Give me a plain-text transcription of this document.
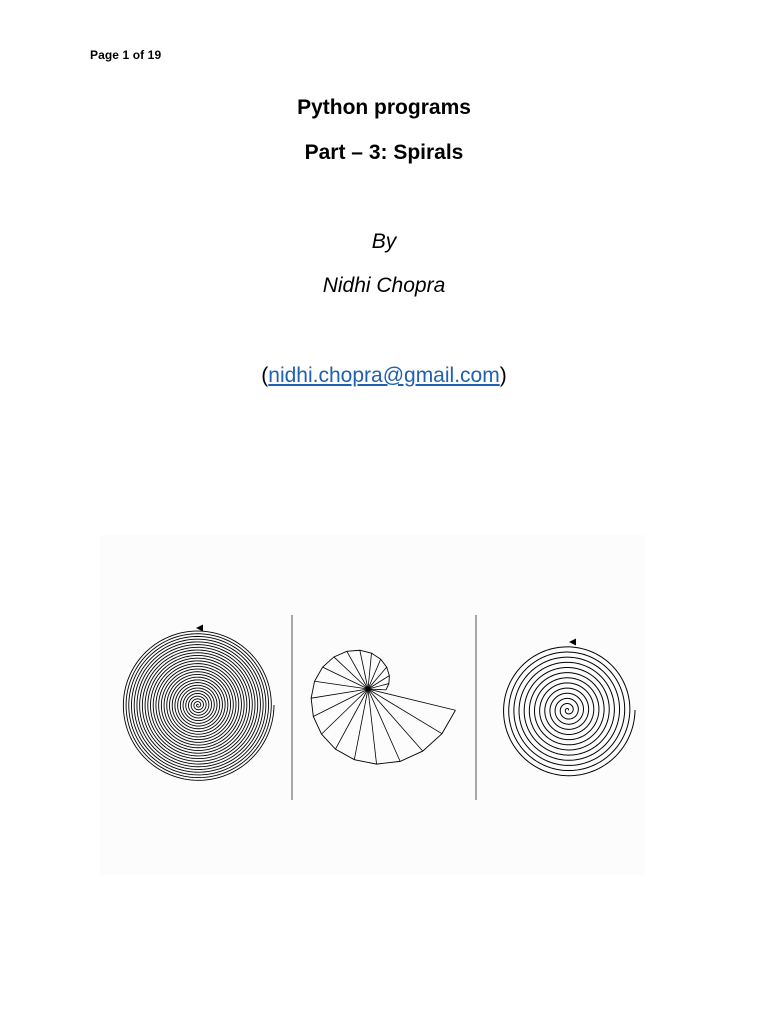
Page 1 of 19
Python programs
Part – 3: Spirals
By
Nidhi Chopra
(nidhi.chopra@gmail.com)
